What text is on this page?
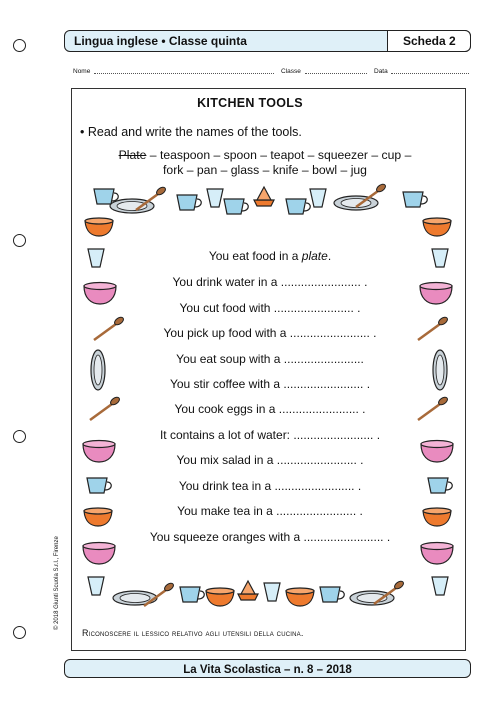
Lingua inglese • Classe quinta	Scheda 2
Nome	Classe	Data
KITCHEN TOOLS
• Read and write the names of the tools.
Plate – teaspoon – spoon – teapot – squeezer – cup –
fork – pan – glass – knife – bowl – jug
You eat food in a plate.
You drink water in a ........................ .
You cut food with ........................ .
You pick up food with a ........................ .
You eat soup with a ........................
You stir coffee with a ........................ .
You cook eggs in a ........................ .
It contains a lot of water: ........................ .
You mix salad in a ........................ .
You drink tea in a ........................ .
You make tea in a ........................ .
You squeeze oranges with a ........................ .
Riconoscere il lessico relativo agli utensili della cucina.
© 2018 Giunti Scuola S.r.l., Firenze
La Vita Scolastica – n. 8 – 2018
